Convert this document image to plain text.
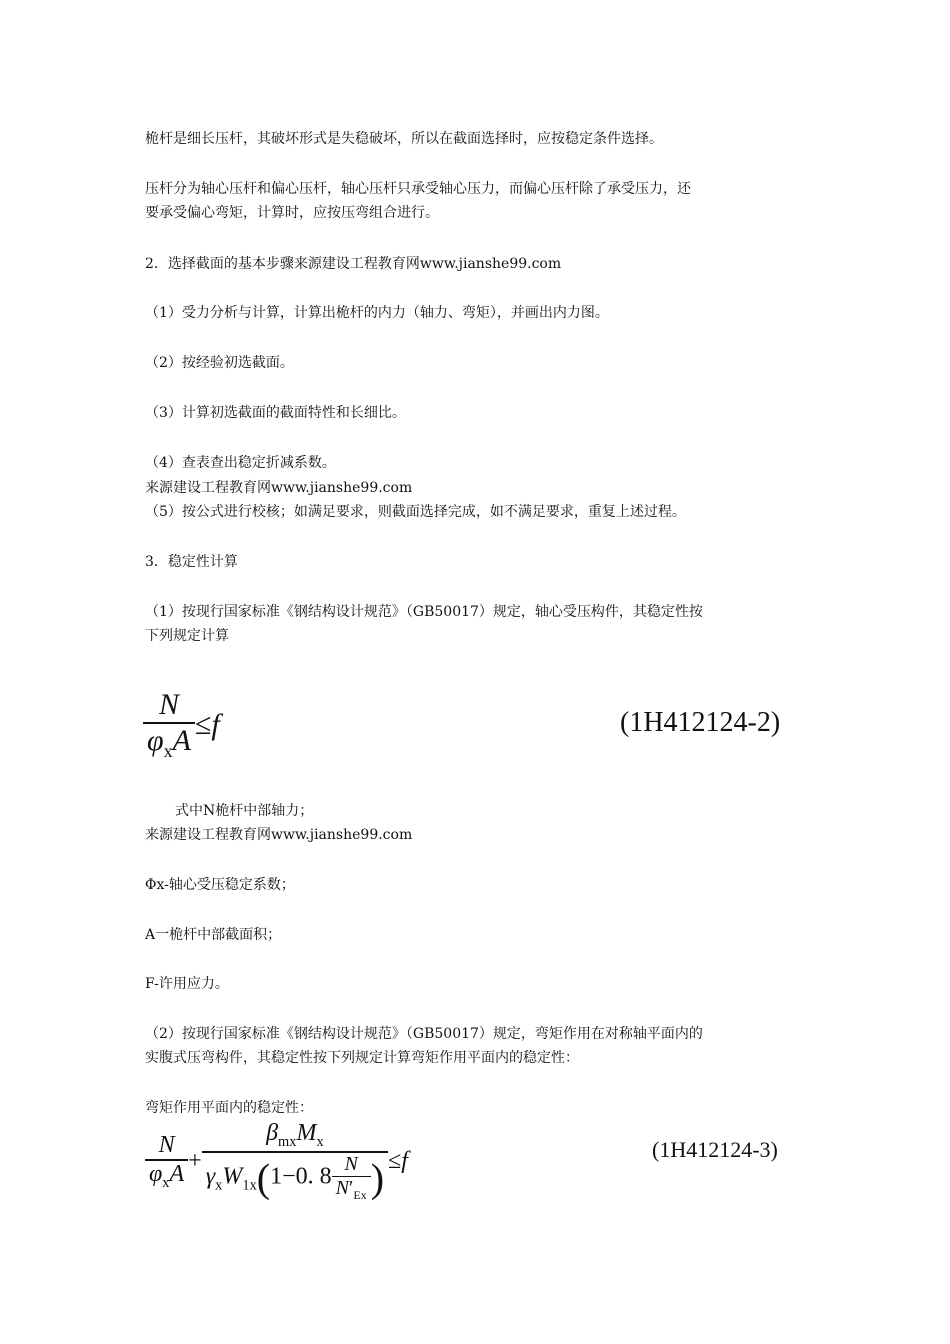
桅杆是细长压杆，其破坏形式是失稳破坏，所以在截面选择时，应按稳定条件选择。

压杆分为轴心压杆和偏心压杆，轴心压杆只承受轴心压力，而偏心压杆除了承受压力，还

要承受偏心弯矩，计算时，应按压弯组合进行。

2．选择截面的基本步骤来源建设工程教育网www.jianshe99.com

（1）受力分析与计算，计算出桅杆的内力（轴力、弯矩），并画出内力图。

（2）按经验初选截面。

（3）计算初选截面的截面特性和长细比。

（4）查表查出稳定折减系数。

来源建设工程教育网www.jianshe99.com

（5）按公式进行校核；如满足要求，则截面选择完成，如不满足要求，重复上述过程。

3．稳定性计算

（1）按现行国家标准《钢结构设计规范》（GB50017）规定，轴心受压构件，其稳定性按

下列规定计算

$\frac{N}{\varphi_xA} \le f$	(1H412124-2)

式中N桅杆中部轴力；

来源建设工程教育网www.jianshe99.com

Φx-轴心受压稳定系数；

A一桅杆中部截面积；

F-许用应力。

（2）按现行国家标准《钢结构设计规范》（GB50017）规定，弯矩作用在对称轴平面内的

实腹式压弯构件，其稳定性按下列规定计算弯矩作用平面内的稳定性：

弯矩作用平面内的稳定性：

$\frac{N}{\varphi_xA} + \frac{\beta_{mx}M_x}{\gamma_xW_{1x}(1-0. 8 \frac{N}{N'_{Ex}} )} \le f$	(1H412124-3)
